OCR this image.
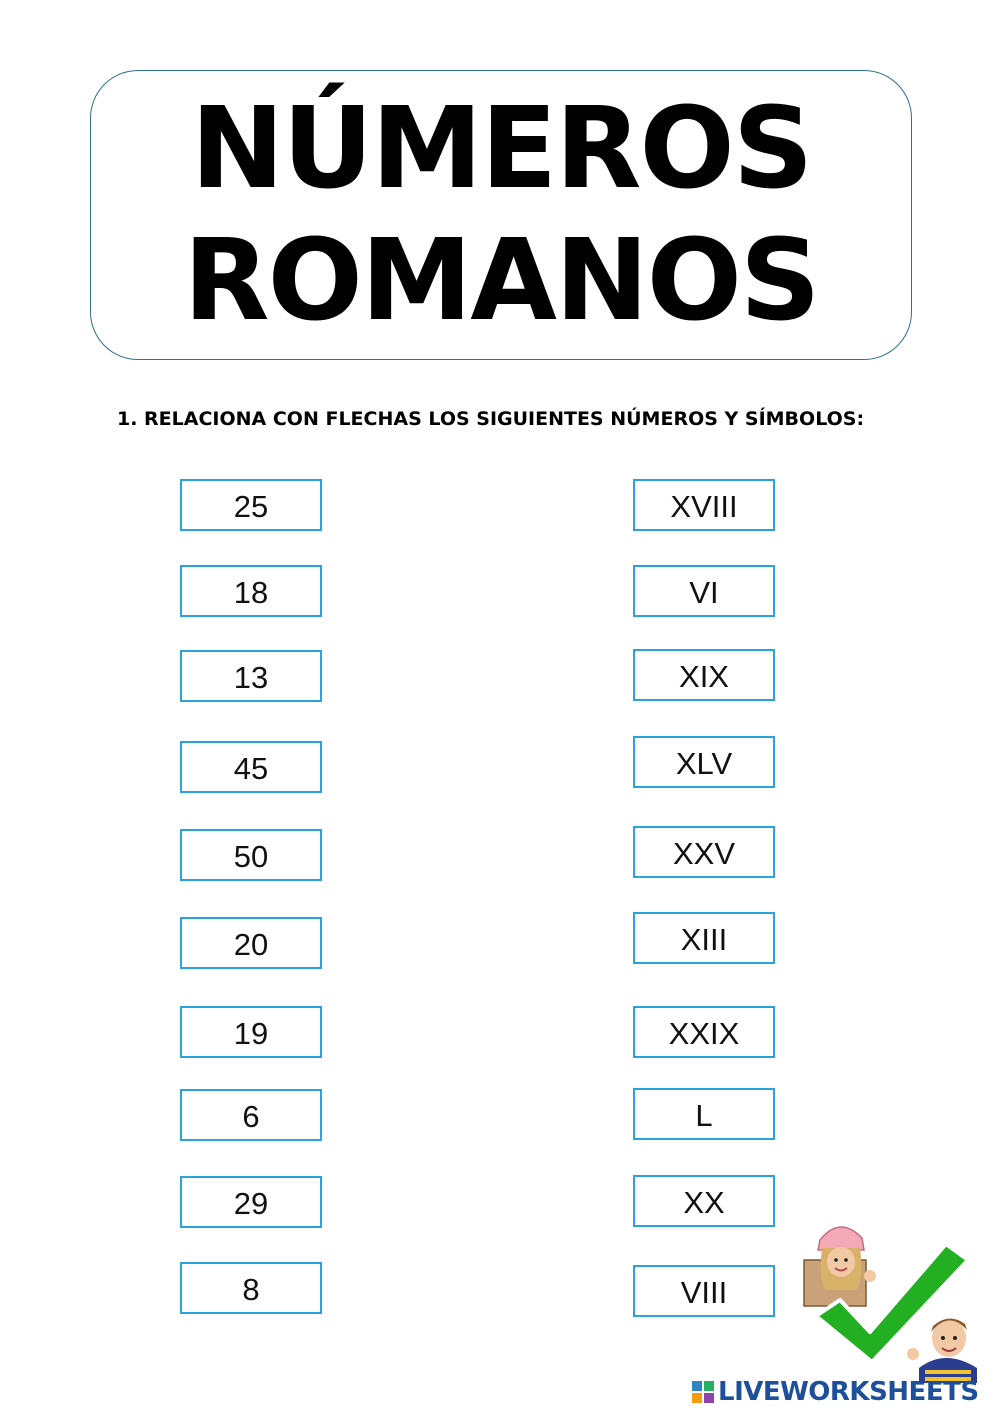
NÚMEROS
ROMANOS
1. RELACIONA CON FLECHAS LOS SIGUIENTES NÚMEROS Y SÍMBOLOS:
25
18
13
45
50
20
19
6
29
8
XVIII
VI
XIX
XLV
XXV
XIII
XXIX
L
XX
VIII
LIVEWORKSHEETS
